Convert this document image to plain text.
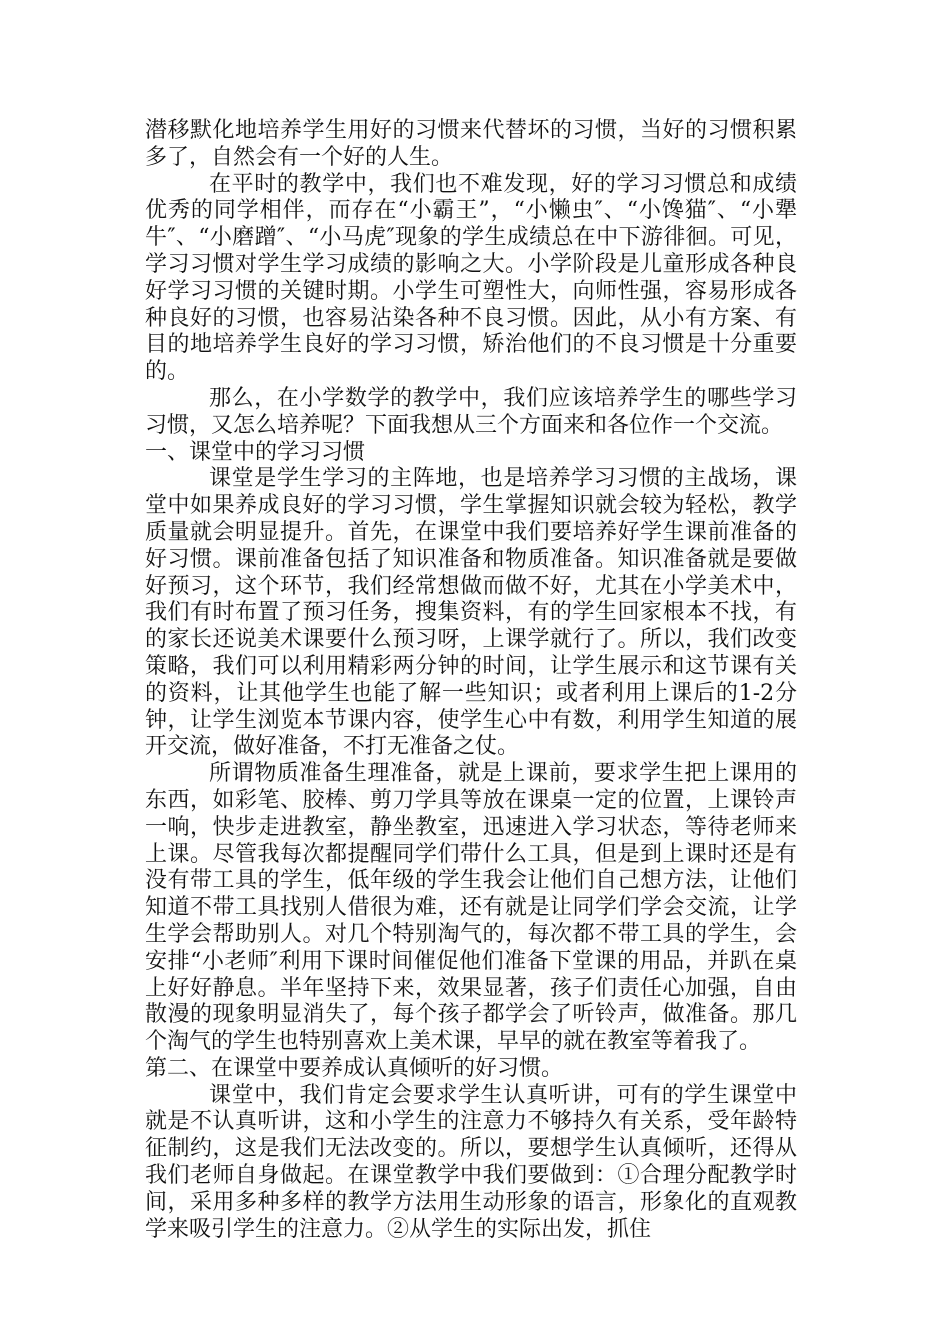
潜移默化地培养学生用好的习惯来代替坏的习惯，当好的习惯积累多了，自然会有一个好的人生。

在平时的教学中，我们也不难发现，好的学习习惯总和成绩优秀的同学相伴，而存在“小霸王”，“小懒虫″、“小馋猫″、“小犟牛″、“小磨蹭″、“小马虎″现象的学生成绩总在中下游徘徊。可见，学习习惯对学生学习成绩的影响之大。小学阶段是儿童形成各种良好学习习惯的关键时期。小学生可塑性大，向师性强，容易形成各种良好的习惯，也容易沾染各种不良习惯。因此，从小有方案、有目的地培养学生良好的学习习惯，矫治他们的不良习惯是十分重要的。

那么，在小学数学的教学中，我们应该培养学生的哪些学习习惯，又怎么培养呢？下面我想从三个方面来和各位作一个交流。

一、课堂中的学习习惯

课堂是学生学习的主阵地，也是培养学习习惯的主战场，课堂中如果养成良好的学习习惯，学生掌握知识就会较为轻松，教学质量就会明显提升。首先，在课堂中我们要培养好学生课前准备的好习惯。课前准备包括了知识准备和物质准备。知识准备就是要做好预习，这个环节，我们经常想做而做不好，尤其在小学美术中，我们有时布置了预习任务，搜集资料，有的学生回家根本不找，有的家长还说美术课要什么预习呀，上课学就行了。所以，我们改变策略，我们可以利用精彩两分钟的时间，让学生展示和这节课有关的资料，让其他学生也能了解一些知识；或者利用上课后的1-2分钟，让学生浏览本节课内容，使学生心中有数，利用学生知道的展开交流，做好准备，不打无准备之仗。

所谓物质准备生理准备，就是上课前，要求学生把上课用的东西，如彩笔、胶棒、剪刀学具等放在课桌一定的位置，上课铃声一响，快步走进教室，静坐教室，迅速进入学习状态，等待老师来上课。尽管我每次都提醒同学们带什么工具，但是到上课时还是有没有带工具的学生，低年级的学生我会让他们自己想方法，让他们知道不带工具找别人借很为难，还有就是让同学们学会交流，让学生学会帮助别人。对几个特别淘气的，每次都不带工具的学生，会安排“小老师″利用下课时间催促他们准备下堂课的用品，并趴在桌上好好静息。半年坚持下来，效果显著，孩子们责任心加强，自由散漫的现象明显消失了，每个孩子都学会了听铃声，做准备。那几个淘气的学生也特别喜欢上美术课，早早的就在教室等着我了。

第二、在课堂中要养成认真倾听的好习惯。

课堂中，我们肯定会要求学生认真听讲，可有的学生课堂中就是不认真听讲，这和小学生的注意力不够持久有关系，受年龄特征制约，这是我们无法改变的。所以，要想学生认真倾听，还得从我们老师自身做起。在课堂教学中我们要做到：①合理分配教学时间，采用多种多样的教学方法用生动形象的语言，形象化的直观教学来吸引学生的注意力。②从学生的实际出发，抓住
